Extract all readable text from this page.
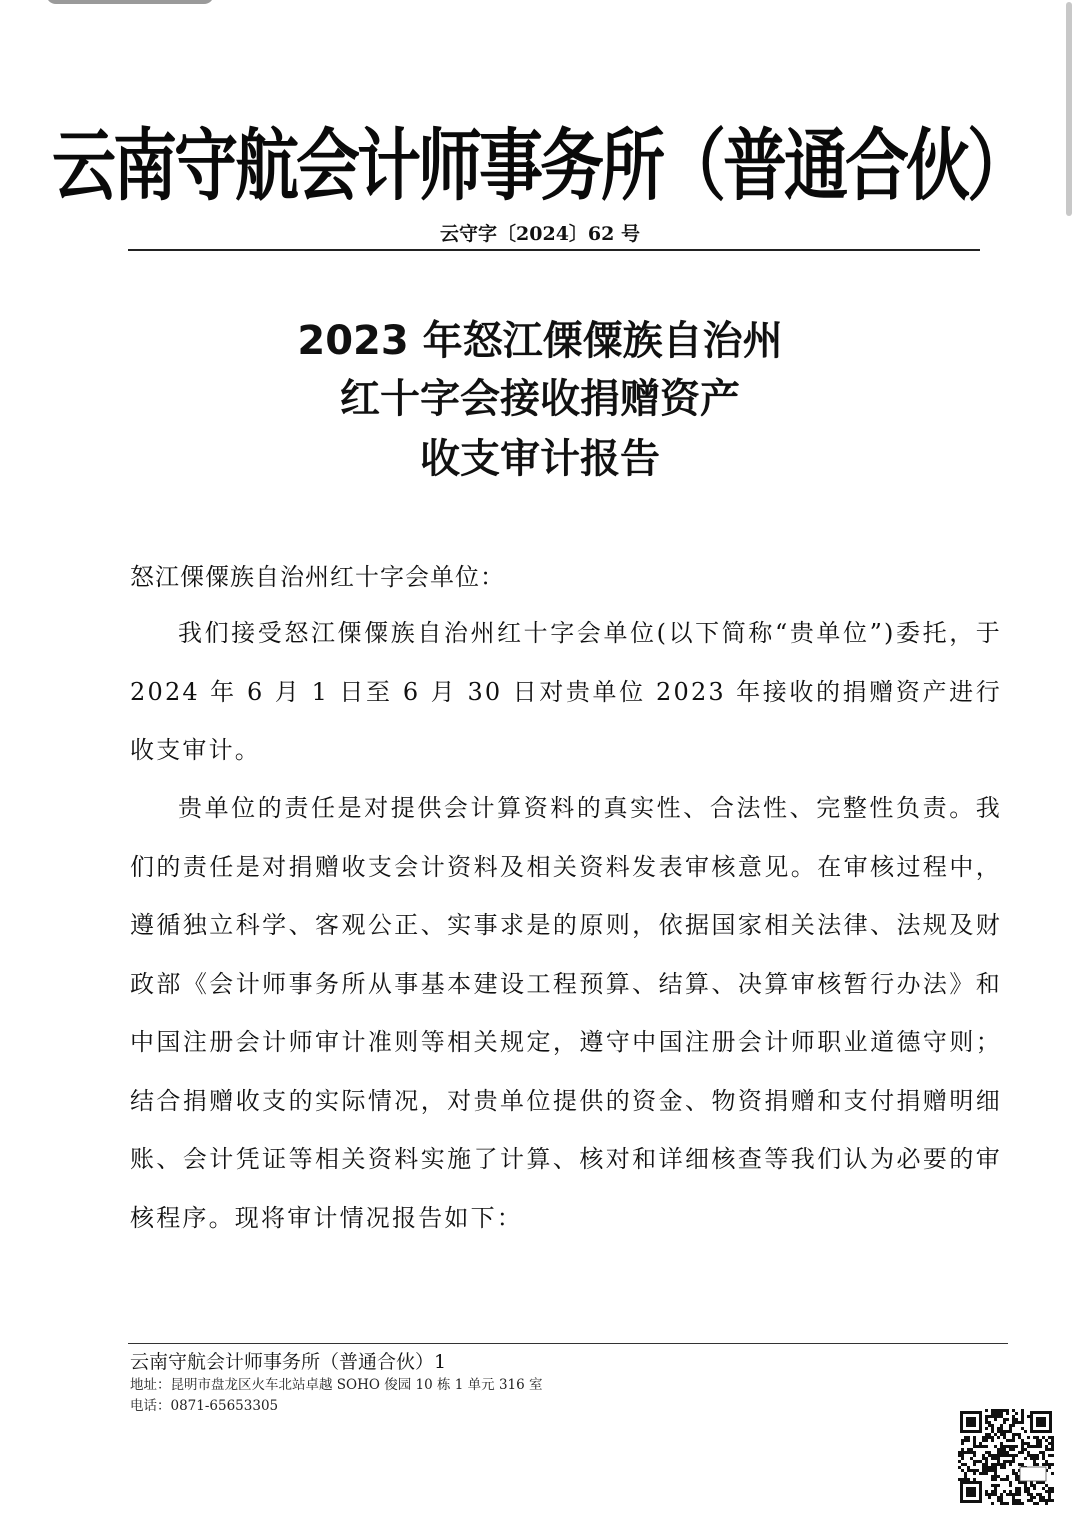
云南守航会计师事务所（普通合伙）
云守字〔2024〕62 号
2023 年怒江傈僳族自治州
红十字会接收捐赠资产
收支审计报告
怒江傈僳族自治州红十字会单位：

我们接受怒江傈僳族自治州红十字会单位(以下简称“贵单位”)委托，于 2024 年 6 月 1 日至 6 月 30 日对贵单位 2023 年接收的捐赠资产进行收支审计。

贵单位的责任是对提供会计算资料的真实性、合法性、完整性负责。我们的责任是对捐赠收支会计资料及相关资料发表审核意见。在审核过程中，遵循独立科学、客观公正、实事求是的原则，依据国家相关法律、法规及财政部《会计师事务所从事基本建设工程预算、结算、决算审核暂行办法》和中国注册会计师审计准则等相关规定，遵守中国注册会计师职业道德守则；结合捐赠收支的实际情况，对贵单位提供的资金、物资捐赠和支付捐赠明细账、会计凭证等相关资料实施了计算、核对和详细核查等我们认为必要的审核程序。现将审计情况报告如下：

云南守航会计师事务所（普通合伙）1
地址：昆明市盘龙区火车北站卓越 SOHO 俊园 10 栋 1 单元 316 室
电话：0871-65653305
